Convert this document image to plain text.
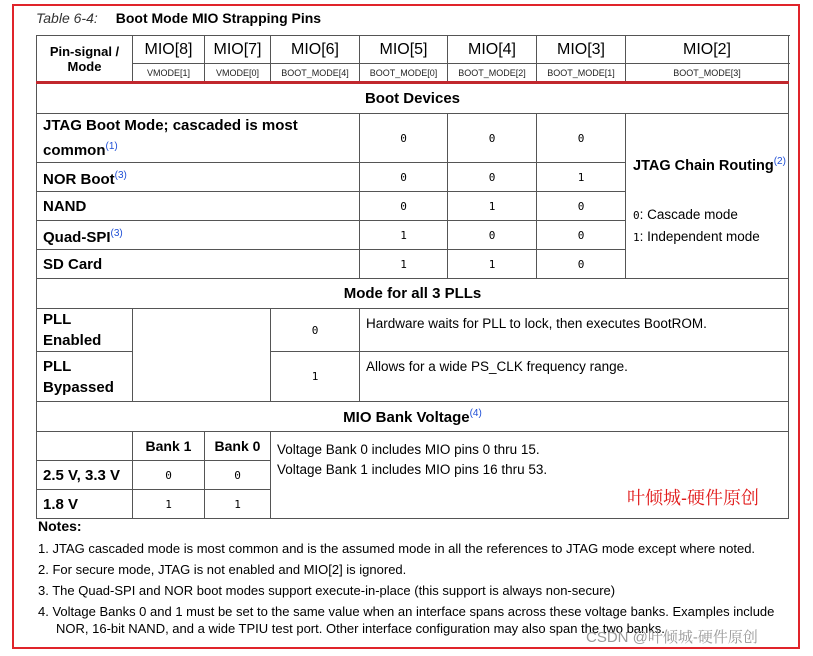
Table 6-4: Boot Mode MIO Strapping Pins
Pin-signal / Mode	MIO[8]	MIO[7]	MIO[6]	MIO[5]	MIO[4]	MIO[3]	MIO[2]
	VMODE[1]	VMODE[0]	BOOT_MODE[4]	BOOT_MODE[0]	BOOT_MODE[2]	BOOT_MODE[1]	BOOT_MODE[3]
Boot Devices							
JTAG Boot Mode; cascaded is most common$^{(1)}$				0	0	0	JTAG Chain Routing$^{(2)}$
0: Cascade mode
1: Independent mode

NOR Boot$^{(3)}$				0	0	1	
NAND				0	1	0	
Quad-SPI$^{(3)}$				1	0	0	
SD Card				1	1	0	
Mode for all 3 PLLs							
PLL Enabled			0	Hardware waits for PLL to lock, then executes BootROM.			
PLL Bypassed			1	Allows for a wide PS_CLK frequency range.			
MIO Bank Voltage$^{(4)}$
	Bank 1	Bank 0	Voltage Bank 0 includes MIO pins 0 thru 15.
Voltage Bank 1 includes MIO pins 16 thru 53.				

2.5 V, 3.3 V	0	0					
1.8 V	1	1						叶倾城-硬件原创
Notes:
1. JTAG cascaded mode is most common and is the assumed mode in all the references to JTAG mode except where noted.
2. For secure mode, JTAG is not enabled and MIO[2] is ignored.
3. The Quad-SPI and NOR boot modes support execute-in-place (this support is always non-secure)
4. Voltage Banks 0 and 1 must be set to the same value when an interface spans across these voltage banks. Examples include NOR, 16-bit NAND, and a wide TPIU test port. Other interface configuration may also span the two banks.
CSDN @叶倾城-硬件原创
